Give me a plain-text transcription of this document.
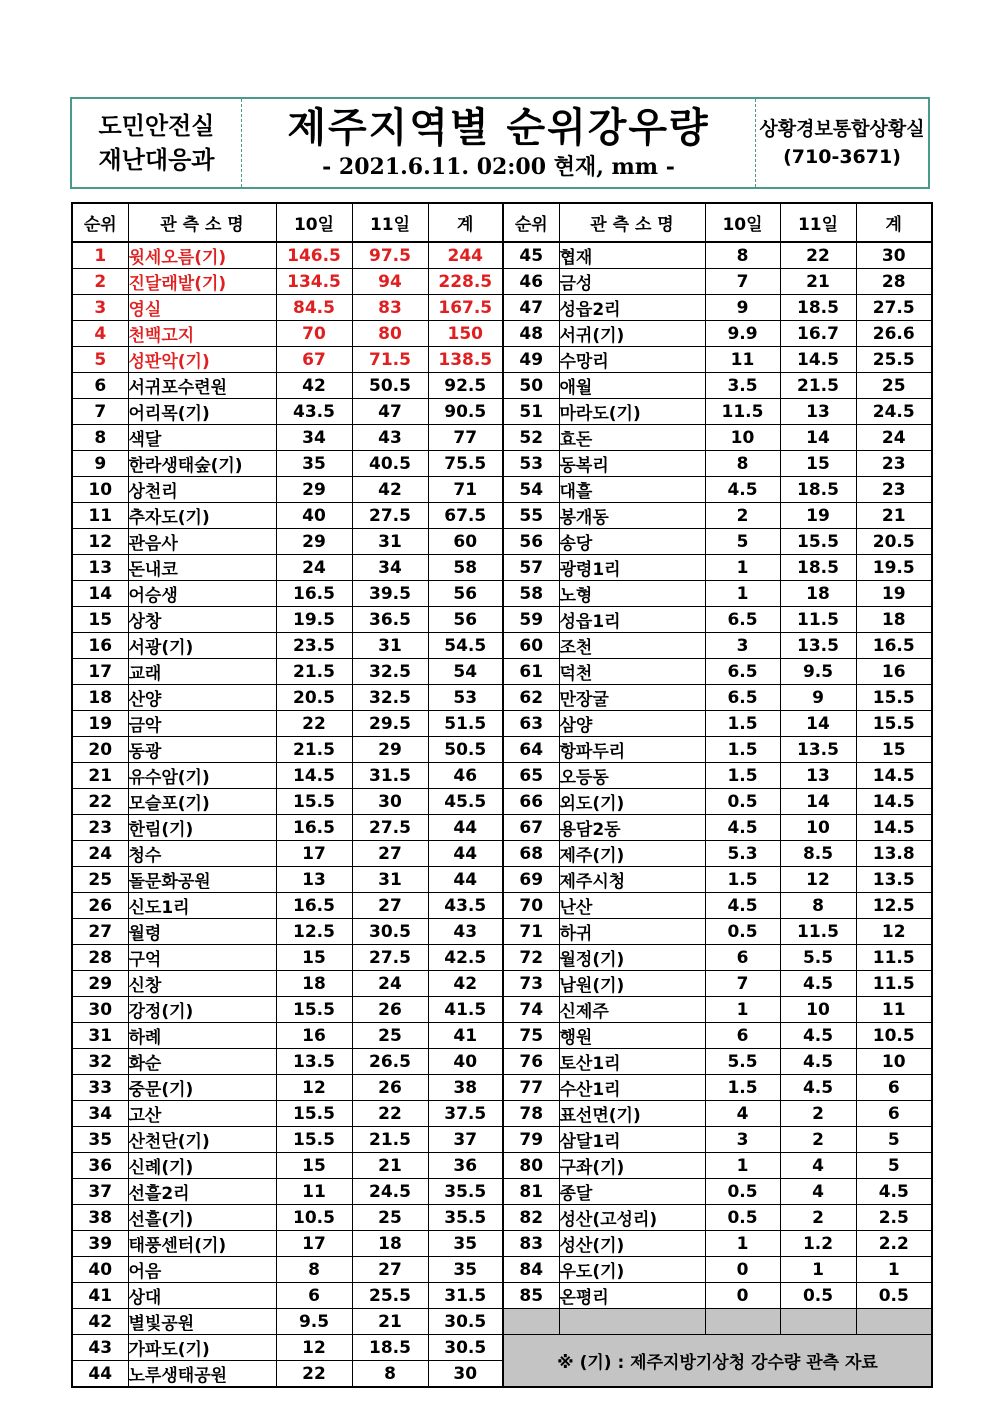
도민안전실
재난대응과
제주지역별 순위강우량
- 2021.6.11. 02:00 현재, mm -
상황경보통합상황실
(710-3671)
순위	관 측 소 명	10일	11일	계	순위	관 측 소 명	10일	11일	계
1	윗세오름(기)	146.5	97.5	244	45	협재	8	22	30
2	진달래밭(기)	134.5	94	228.5	46	금성	7	21	28
3	영실	84.5	83	167.5	47	성읍2리	9	18.5	27.5
4	천백고지	70	80	150	48	서귀(기)	9.9	16.7	26.6
5	성판악(기)	67	71.5	138.5	49	수망리	11	14.5	25.5
6	서귀포수련원	42	50.5	92.5	50	애월	3.5	21.5	25
7	어리목(기)	43.5	47	90.5	51	마라도(기)	11.5	13	24.5
8	색달	34	43	77	52	효돈	10	14	24
9	한라생태숲(기)	35	40.5	75.5	53	동복리	8	15	23
10	상천리	29	42	71	54	대흘	4.5	18.5	23
11	추자도(기)	40	27.5	67.5	55	봉개동	2	19	21
12	관음사	29	31	60	56	송당	5	15.5	20.5
13	돈내코	24	34	58	57	광령1리	1	18.5	19.5
14	어승생	16.5	39.5	56	58	노형	1	18	19
15	상창	19.5	36.5	56	59	성읍1리	6.5	11.5	18
16	서광(기)	23.5	31	54.5	60	조천	3	13.5	16.5
17	교래	21.5	32.5	54	61	덕천	6.5	9.5	16
18	산양	20.5	32.5	53	62	만장굴	6.5	9	15.5
19	금악	22	29.5	51.5	63	삼양	1.5	14	15.5
20	동광	21.5	29	50.5	64	항파두리	1.5	13.5	15
21	유수암(기)	14.5	31.5	46	65	오등동	1.5	13	14.5
22	모슬포(기)	15.5	30	45.5	66	외도(기)	0.5	14	14.5
23	한림(기)	16.5	27.5	44	67	용담2동	4.5	10	14.5
24	청수	17	27	44	68	제주(기)	5.3	8.5	13.8
25	돌문화공원	13	31	44	69	제주시청	1.5	12	13.5
26	신도1리	16.5	27	43.5	70	난산	4.5	8	12.5
27	월령	12.5	30.5	43	71	하귀	0.5	11.5	12
28	구억	15	27.5	42.5	72	월정(기)	6	5.5	11.5
29	신창	18	24	42	73	남원(기)	7	4.5	11.5
30	강정(기)	15.5	26	41.5	74	신제주	1	10	11
31	하례	16	25	41	75	행원	6	4.5	10.5
32	화순	13.5	26.5	40	76	토산1리	5.5	4.5	10
33	중문(기)	12	26	38	77	수산1리	1.5	4.5	6
34	고산	15.5	22	37.5	78	표선면(기)	4	2	6
35	산천단(기)	15.5	21.5	37	79	삼달1리	3	2	5
36	신례(기)	15	21	36	80	구좌(기)	1	4	5
37	선흘2리	11	24.5	35.5	81	종달	0.5	4	4.5
38	선흘(기)	10.5	25	35.5	82	성산(고성리)	0.5	2	2.5
39	태풍센터(기)	17	18	35	83	성산(기)	1	1.2	2.2
40	어음	8	27	35	84	우도(기)	0	1	1
41	상대	6	25.5	31.5	85	온평리	0	0.5	0.5
42	별빛공원	9.5	21	30.5					
43	가파도(기)	12	18.5	30.5	※ (기) : 제주지방기상청 강수량 관측 자료				
44	노루생태공원	22	8	30					
